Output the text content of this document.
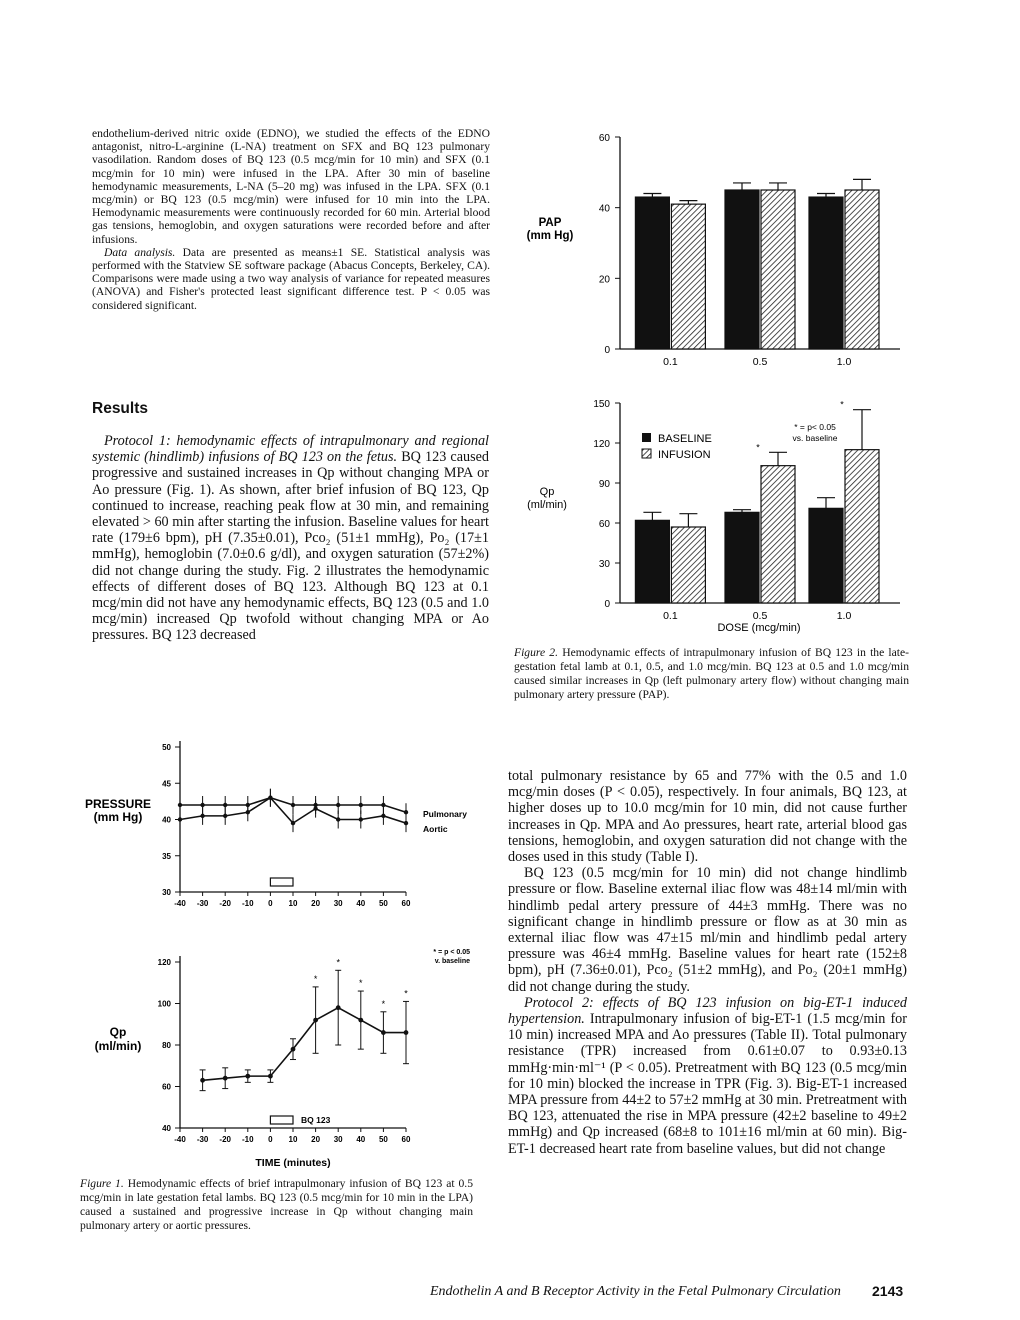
endothelium-derived nitric oxide (EDNO), we studied the effects of the EDNO antagonist, nitro-L-arginine (L-NA) treatment on SFX and BQ 123 pulmonary vasodilation. Random doses of BQ 123 (0.5 mcg/min for 10 min) and SFX (0.1 mcg/min for 10 min) were infused in the LPA. After 30 min of baseline hemodynamic measurements, L-NA (5–20 mg) was infused in the LPA. SFX (0.1 mcg/min) or BQ 123 (0.5 mcg/min) were infused for 10 min into the LPA. Hemodynamic measurements were continuously recorded for 60 min. Arterial blood gas tensions, hemoglobin, and oxygen saturations were recorded before and after infusions.

Data analysis. Data are presented as means±1 SE. Statistical analysis was performed with the Statview SE software package (Abacus Concepts, Berkeley, CA). Comparisons were made using a two way analysis of variance for repeated measures (ANOVA) and Fisher's protected least significant difference test. P < 0.05 was considered significant.

Results

Protocol 1: hemodynamic effects of intrapulmonary and regional systemic (hindlimb) infusions of BQ 123 on the fetus. BQ 123 caused progressive and sustained increases in Qp without changing MPA or Ao pressure (Fig. 1). As shown, after brief infusion of BQ 123, Qp continued to increase, reaching peak flow at 30 min, and remaining elevated > 60 min after starting the infusion. Baseline values for heart rate (179±6 bpm), pH (7.35±0.01), Pco₂ (51±1 mmHg), Po₂ (17±1 mmHg), hemoglobin (7.0±0.6 g/dl), and oxygen saturation (57±2%) did not change during the study. Fig. 2 illustrates the hemodynamic effects of different doses of BQ 123. Although BQ 123 at 0.1 mcg/min did not have any hemodynamic effects, BQ 123 (0.5 and 1.0 mcg/min) increased Qp twofold without changing MPA or Ao pressures. BQ 123 decreased

total pulmonary resistance by 65 and 77% with the 0.5 and 1.0 mcg/min doses (P < 0.05), respectively. In four animals, BQ 123, at higher doses up to 10.0 mcg/min for 10 min, did not cause further increases in Qp. MPA and Ao pressures, heart rate, arterial blood gas tensions, hemoglobin, and oxygen saturation did not change with the doses used in this study (Table I).

BQ 123 (0.5 mcg/min for 10 min) did not change hindlimb pressure or flow. Baseline external iliac flow was 48±14 ml/min with hindlimb pedal artery pressure of 44±3 mmHg. There was no significant change in hindlimb pressure or flow as at 30 min as external iliac flow was 47±15 ml/min and hindlimb pedal artery pressure was 46±4 mmHg. Baseline values for heart rate (152±8 bpm), pH (7.36±0.01), Pco₂ (51±2 mmHg), and Po₂ (20±1 mmHg) did not change during the study.

Protocol 2: effects of BQ 123 infusion on big-ET-1 induced hypertension. Intrapulmonary infusion of big-ET-1 (1.5 mcg/min for 10 min) increased MPA and Ao pressures (Table II). Total pulmonary resistance (TPR) increased from 0.61±0.07 to 0.93±0.13 mmHg·min·ml⁻¹ (P < 0.05). Pretreatment with BQ 123 (0.5 mcg/min for 10 min) blocked the increase in TPR (Fig. 3). Big-ET-1 increased MPA pressure from 44±2 to 57±2 mmHg at 30 min. Pretreatment with BQ 123, attenuated the rise in MPA pressure (42±2 baseline to 49±2 mmHg) and Qp increased (68±8 to 101±16 ml/min at 60 min). Big-ET-1 decreased heart rate from baseline values, but did not change

Figure 1. Hemodynamic effects of brief intrapulmonary infusion of BQ 123 at 0.5 mcg/min in late gestation fetal lambs. BQ 123 (0.5 mcg/min for 10 min in the LPA) caused a sustained and progressive increase in Qp without changing main pulmonary artery or aortic pressures.
Figure 2. Hemodynamic effects of intrapulmonary infusion of BQ 123 in the late-gestation fetal lamb at 0.1, 0.5, and 1.0 mcg/min. BQ 123 at 0.5 and 1.0 mcg/min caused similar increases in Qp (left pulmonary artery flow) without changing main pulmonary artery pressure (PAP).
Endothelin A and B Receptor Activity in the Fetal Pulmonary Circulation 2143
30
35
40
45
50
-40 -30 -20 -10 0 10 20 30 40 50 60
PRESSURE
(mm Hg)	Pulmonary
Aortic
40
60
80
100
120
-40 -30 -20 -10 0 10 20 30 40 50 60
Qp
(ml/min)
*
*
*
*
*
BQ 123
TIME (minutes)
* = p < 0.05
v. baseline
0
20
40
60
0.1	0.5	1.0
PAP
(mm Hg)
0
30
60
90
120
150
0.1	0.5	1.0
Qp
(ml/min)
DOSE (mcg/min)
BASELINE
INFUSION
* = p< 0.05
vs. baseline
*
*
